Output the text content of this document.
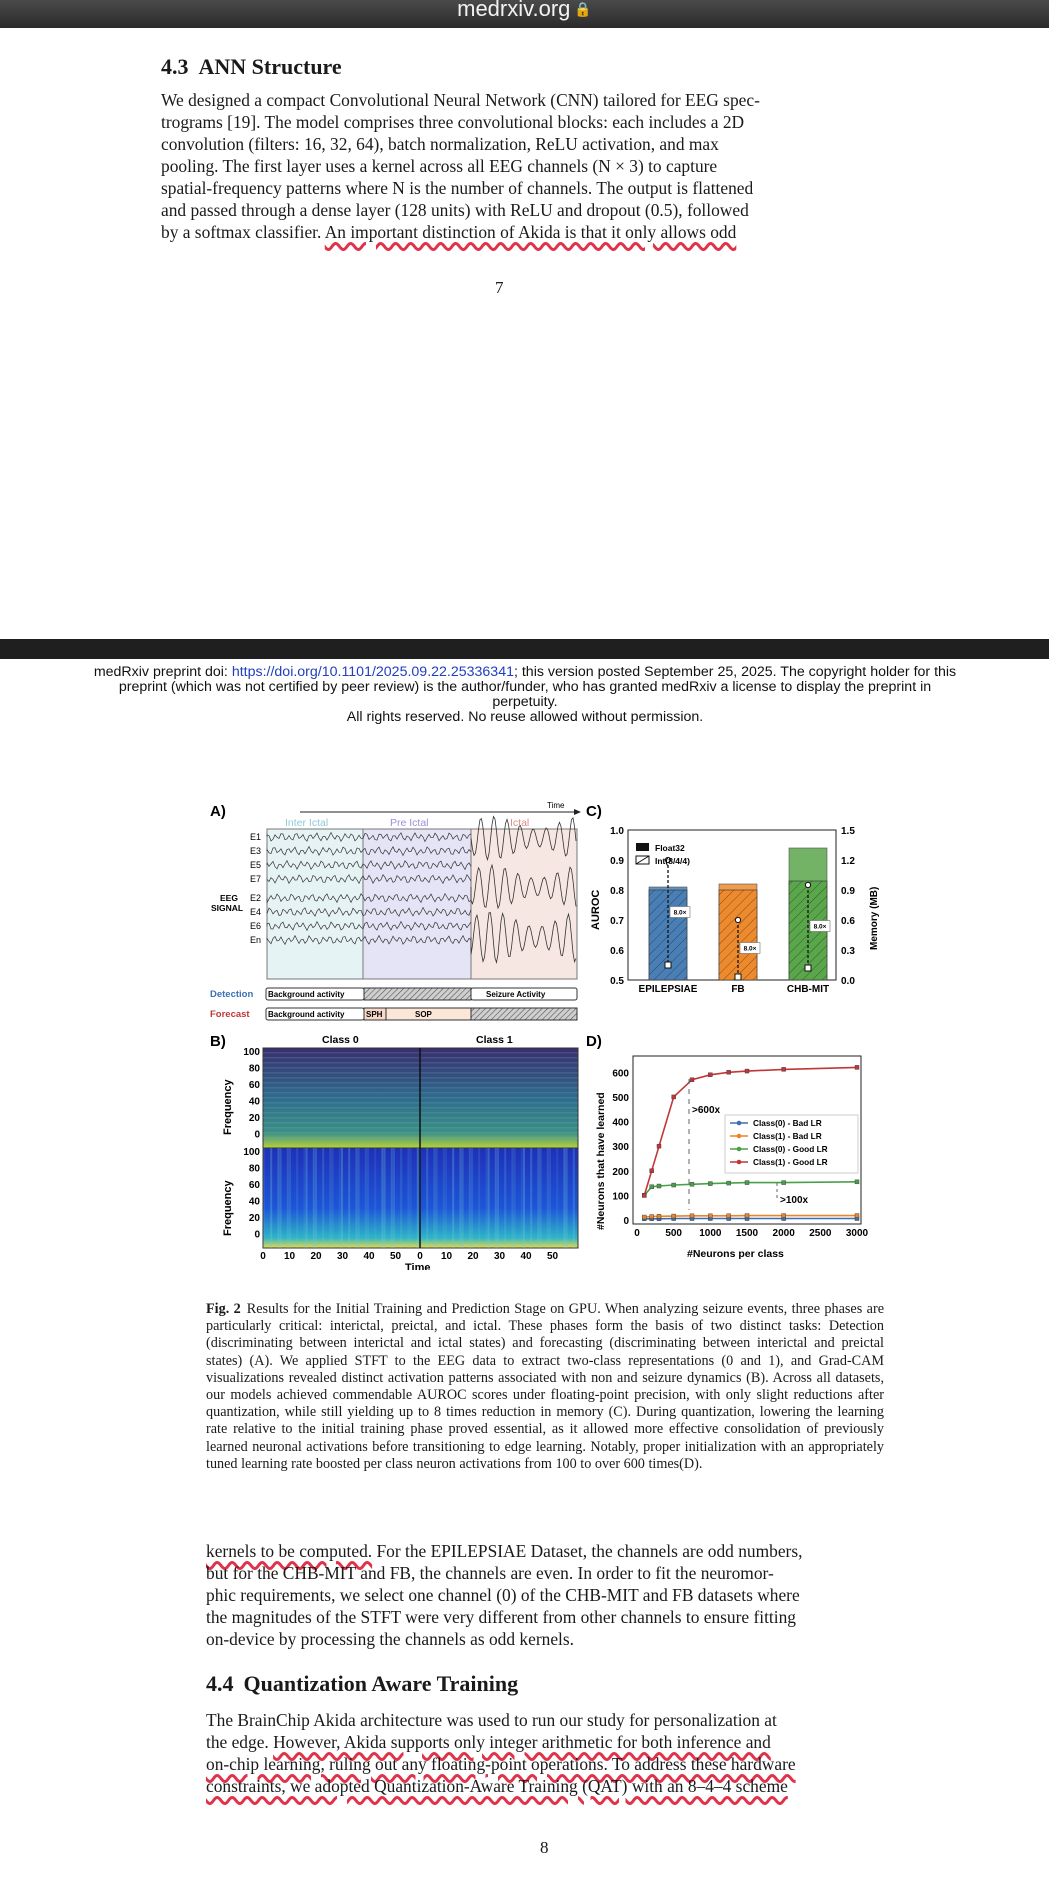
medrxiv.org 🔒
4.3 ANN Structure
We designed a compact Convolutional Neural Network (CNN) tailored for EEG spec-
trograms [19]. The model comprises three convolutional blocks: each includes a 2D
convolution (filters: 16, 32, 64), batch normalization, ReLU activation, and max
pooling. The first layer uses a kernel across all EEG channels (N × 3) to capture
spatial-frequency patterns where N is the number of channels. The output is flattened
and passed through a dense layer (128 units) with ReLU and dropout (0.5), followed
by a softmax classifier. An important distinction of Akida is that it only allows odd
7
medRxiv preprint doi: https://doi.org/10.1101/2025.09.22.25336341; this version posted September 25, 2025. The copyright holder for this
preprint (which was not certified by peer review) is the author/funder, who has granted medRxiv a license to display the preprint in
perpetuity.
All rights reserved. No reuse allowed without permission.
A)	Time
Inter Ictal	Pre Ictal	Ictal
E1
E3
E5
E7
E2
E4
E6
En
EEG
SIGNAL
Detection Background activity	Seizure Activity
Forecast Background activity	SPH	SOP
B)	Class 0	Class 1
Frequency
Frequency
100
100
80
80
60
60
40
40
20
20
0
0
0 10 20 30 40 50 0 10 20 30 40 50
Time
C)
AUROC	Memory (MB)
1.0
0.9
0.8
0.7
0.6
0.5
1.5
1.2
0.9
0.6
0.3
0.0
EPILEPSIAE
8.0×
FB
8.0×
CHB-MIT
8.0×
Float32
Int(8/4/4)
D)
#Neurons that have learned
#Neurons per class
0	500 1000 1500 2000 2500 3000
0
100
200
300
400
500
600
>600x
>100x
Class(0) - Bad LR
Class(1) - Bad LR
Class(0) - Good LR
Class(1) - Good LR
Fig. 2 Results for the Initial Training and Prediction Stage on GPU. When analyzing seizure events, three phases are particularly critical: interictal, preictal, and ictal. These phases form the basis of two distinct tasks: Detection (discriminating between interictal and ictal states) and forecasting (discriminating between interictal and preictal states) (A). We applied STFT to the EEG data to extract two-class representations (0 and 1), and Grad-CAM visualizations revealed distinct activation patterns associated with non and seizure dynamics (B). Across all datasets, our models achieved commendable AUROC scores under floating-point precision, with only slight reductions after quantization, while still yielding up to 8 times reduction in memory (C). During quantization, lowering the learning rate relative to the initial training phase proved essential, as it allowed more effective consolidation of previously learned neuronal activations before transitioning to edge learning. Notably, proper initialization with an appropriately tuned learning rate boosted per class neuron activations from 100 to over 600 times(D).
kernels to be computed. For the EPILEPSIAE Dataset, the channels are odd numbers,
but for the CHB-MIT and FB, the channels are even. In order to fit the neuromor-
phic requirements, we select one channel (0) of the CHB-MIT and FB datasets where
the magnitudes of the STFT were very different from other channels to ensure fitting
on-device by processing the channels as odd kernels.
4.4 Quantization Aware Training
The BrainChip Akida architecture was used to run our study for personalization at
the edge. However, Akida supports only integer arithmetic for both inference and
on-chip learning, ruling out any floating-point operations. To address these hardware
constraints, we adopted Quantization-Aware Training (QAT) with an 8–4–4 scheme
8
